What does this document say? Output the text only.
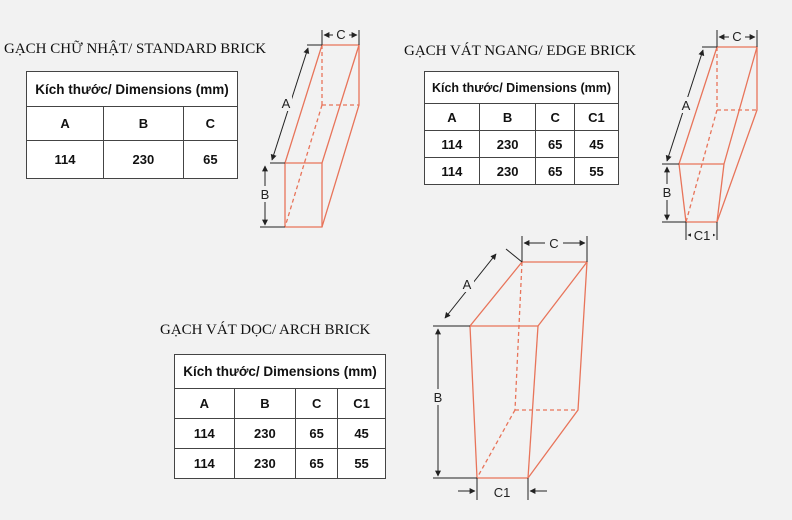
GẠCH CHỮ NHẬT/ STANDARD BRICK	GẠCH VÁT NGANG/ EDGE BRICK
GẠCH VÁT DỌC/ ARCH BRICK
Kích thước/ Dimensions (mm)		
A	B	C
114	230	65
Kích thước/ Dimensions (mm)			
A	B	C	C1
114	230	65	45
114	230	65	55
Kích thước/ Dimensions (mm)			
A	B	C	C1
114	230	65	45
114	230	65	55
C
A
B
C
A
B
C1
C
A
B
C1
